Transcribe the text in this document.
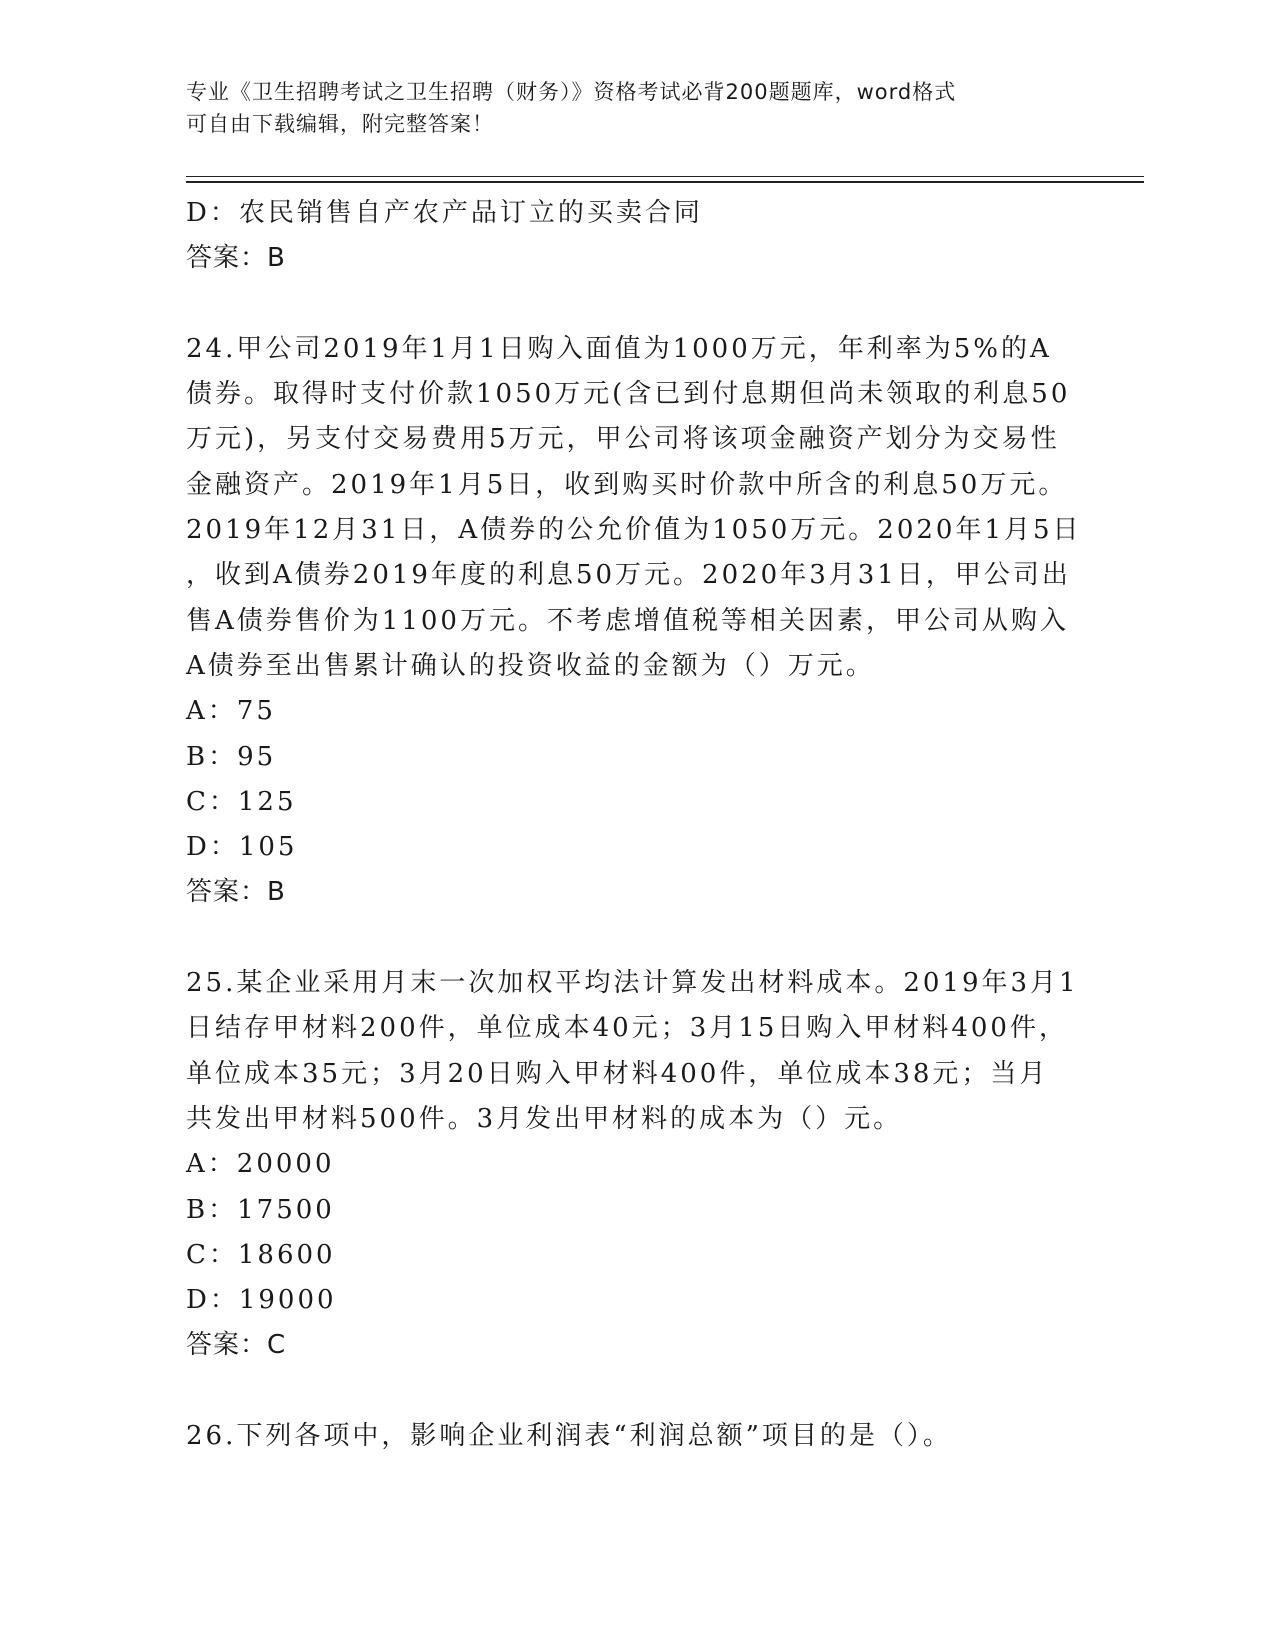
专业《卫生招聘考试之卫生招聘（财务）》资格考试必背200题题库，word格式
可自由下载编辑，附完整答案！
D：农民销售自产农产品订立的买卖合同
答案：B
24.甲公司2019年1月1日购入面值为1000万元，年利率为5%的A
债券。取得时支付价款1050万元(含已到付息期但尚未领取的利息50
万元)，另支付交易费用5万元，甲公司将该项金融资产划分为交易性
金融资产。2019年1月5日，收到购买时价款中所含的利息50万元。
2019年12月31日，A债券的公允价值为1050万元。2020年1月5日
，收到A债券2019年度的利息50万元。2020年3月31日，甲公司出
售A债券售价为1100万元。不考虑增值税等相关因素，甲公司从购入
A债券至出售累计确认的投资收益的金额为（）万元。
A：75
B：95
C：125
D：105
答案：B
25.某企业采用月末一次加权平均法计算发出材料成本。2019年3月1
日结存甲材料200件，单位成本40元；3月15日购入甲材料400件，
单位成本35元；3月20日购入甲材料400件，单位成本38元；当月
共发出甲材料500件。3月发出甲材料的成本为（）元。
A：20000
B：17500
C：18600
D：19000
答案：C
26.下列各项中，影响企业利润表“利润总额”项目的是（）。
